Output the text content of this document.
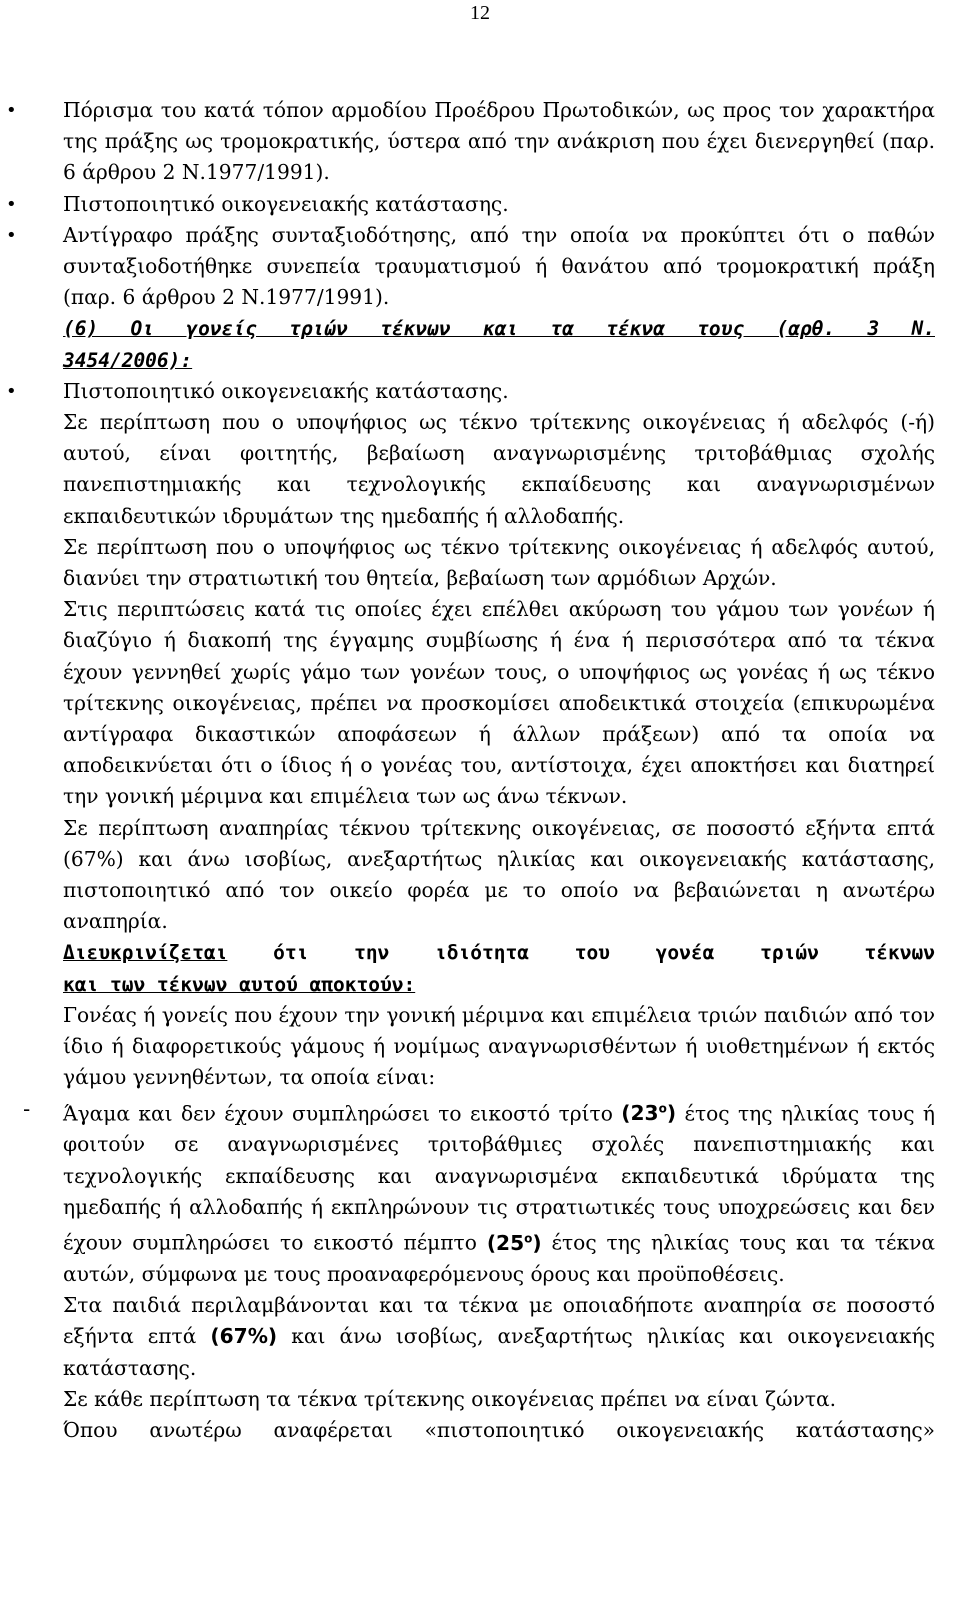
12

• Πόρισμα του κατά τόπον αρμοδίου Προέδρου Πρωτοδικών, ως προς τον χαρακτήρα της πράξης ως τρομοκρατικής, ύστερα από την ανάκριση που έχει διενεργηθεί (παρ. 6 άρθρου 2 Ν.1977/1991).

• Πιστοποιητικό οικογενειακής κατάστασης.

• Αντίγραφο πράξης συνταξιοδότησης, από την οποία να προκύπτει ότι ο παθών συνταξιοδοτήθηκε συνεπεία τραυματισμού ή θανάτου από τρομοκρατική πράξη (παρ. 6 άρθρου 2 Ν.1977/1991).

(6) Οι γονείς τριών τέκνων και τα τέκνα τους (αρθ. 3 Ν.

3454/2006):

• Πιστοποιητικό οικογενειακής κατάστασης.

Σε περίπτωση που ο υποψήφιος ως τέκνο τρίτεκνης οικογένειας ή αδελφός (-ή) αυτού, είναι φοιτητής, βεβαίωση αναγνωρισμένης τριτοβάθμιας σχολής πανεπιστημιακής και τεχνολογικής εκπαίδευσης και αναγνωρισμένων εκπαιδευτικών ιδρυμάτων της ημεδαπής ή αλλοδαπής.

Σε περίπτωση που ο υποψήφιος ως τέκνο τρίτεκνης οικογένειας ή αδελφός αυτού, διανύει την στρατιωτική του θητεία, βεβαίωση των αρμόδιων Αρχών.

Στις περιπτώσεις κατά τις οποίες έχει επέλθει ακύρωση του γάμου των γονέων ή διαζύγιο ή διακοπή της έγγαμης συμβίωσης ή ένα ή περισσότερα από τα τέκνα έχουν γεννηθεί χωρίς γάμο των γονέων τους, ο υποψήφιος ως γονέας ή ως τέκνο τρίτεκνης οικογένειας, πρέπει να προσκομίσει αποδεικτικά στοιχεία (επικυρωμένα αντίγραφα δικαστικών αποφάσεων ή άλλων πράξεων) από τα οποία να αποδεικνύεται ότι ο ίδιος ή ο γονέας του, αντίστοιχα, έχει αποκτήσει και διατηρεί την γονική μέριμνα και επιμέλεια των ως άνω τέκνων.

Σε περίπτωση αναπηρίας τέκνου τρίτεκνης οικογένειας, σε ποσοστό εξήντα επτά (67%) και άνω ισοβίως, ανεξαρτήτως ηλικίας και οικογενειακής κατάστασης, πιστοποιητικό από τον οικείο φορέα με το οποίο να βεβαιώνεται η ανωτέρω αναπηρία.

Διευκρινίζεται ότι την ιδιότητα του γονέα τριών τέκνων
και των τέκνων αυτού αποκτούν:

Γονέας ή γονείς που έχουν την γονική μέριμνα και επιμέλεια τριών παιδιών από τον ίδιο ή διαφορετικούς γάμους ή νομίμως αναγνωρισθέντων ή υιοθετημένων ή εκτός γάμου γεννηθέντων, τα οποία είναι:

- Άγαμα και δεν έχουν συμπληρώσει το εικοστό τρίτο $(23^o)$ έτος της ηλικίας τους ή φοιτούν σε αναγνωρισμένες τριτοβάθμιες σχολές πανεπιστημιακής και τεχνολογικής εκπαίδευσης και αναγνωρισμένα εκπαιδευτικά ιδρύματα της ημεδαπής ή αλλοδαπής ή εκπληρώνουν τις στρατιωτικές τους υποχρεώσεις και δεν έχουν συμπληρώσει το εικοστό πέμπτο $(25^o)$ έτος της ηλικίας τους και τα τέκνα αυτών, σύμφωνα με τους προαναφερόμενους όρους και προϋποθέσεις.

Στα παιδιά περιλαμβάνονται και τα τέκνα με οποιαδήποτε αναπηρία σε ποσοστό εξήντα επτά (67%) και άνω ισοβίως, ανεξαρτήτως ηλικίας και οικογενειακής κατάστασης.

Σε κάθε περίπτωση τα τέκνα τρίτεκνης οικογένειας πρέπει να είναι ζώντα.

Όπου ανωτέρω αναφέρεται «πιστοποιητικό οικογενειακής κατάστασης»
